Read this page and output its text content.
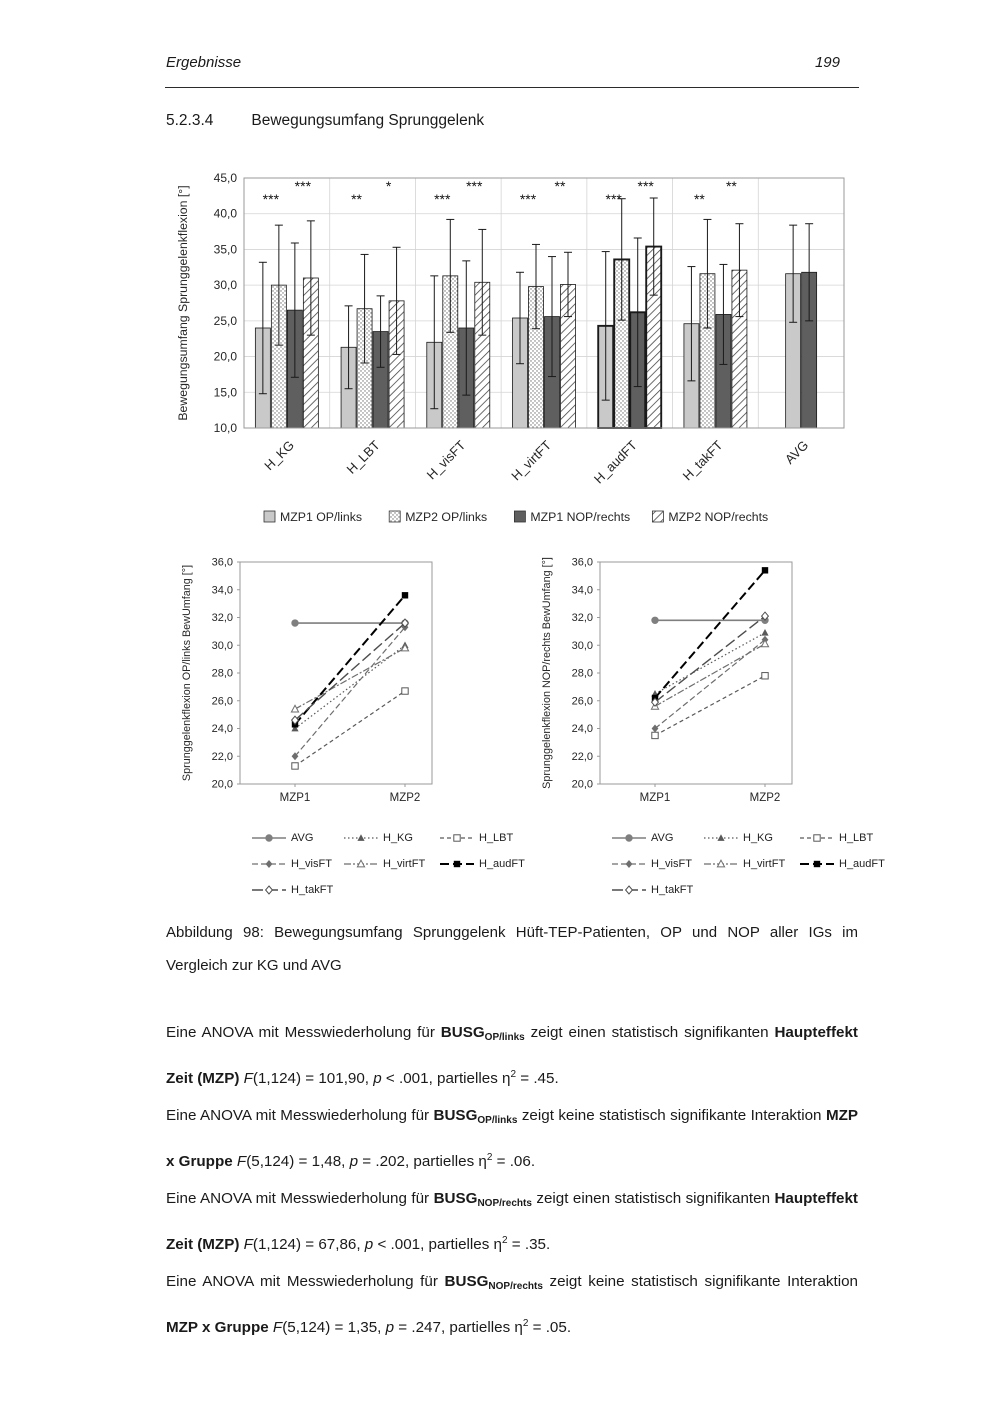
Ergebnisse	199
5.2.3.4 Bewegungsumfang Sprunggelenk
Bewegungsumfang Sprunggelenkflexion [°]
10,0
15,0
20,0
25,0
30,0
35,0
40,0
45,0
***
***
H_KG
**
*
H_LBT
***
***
H_visFT
***
**
H_virtFT
***
***
H_audFT
**
**
H_takFT	AVG
MZP1 OP/links	MZP2 OP/links	MZP1 NOP/rechts	MZP2 NOP/rechts
Sprunggelenkflexion OP/links BewUmfang [°]
20,0
22,0
24,0
26,0
28,0
30,0
32,0
34,0
36,0
MZP1	MZP2
Sprunggelenkflexion NOP/rechts BewUmfang [°] 20,0
22,0
24,0
26,0
28,0
30,0
32,0
34,0
36,0
MZP1	MZP2
AVG	H_KG	H_LBT
H_visFT	H_virtFT	H_audFT
H_takFT
AVG	H_KG	H_LBT
H_visFT	H_virtFT	H_audFT
H_takFT

Abbildung 98: Bewegungsumfang Sprunggelenk Hüft-TEP-Patienten, OP und NOP aller IGs im Vergleich zur KG und AVG

Eine ANOVA mit Messwiederholung für BUSGOP/links zeigt einen statistisch signifikanten Haupteffekt Zeit (MZP) F(1,124) = 101,90, p < .001, partielles $\eta^2 = .45$.

Eine ANOVA mit Messwiederholung für BUSGOP/links zeigt keine statistisch signifikante Interaktion MZP x Gruppe F(5,124) = 1,48, p = .202, partielles $\eta^2 = .06$.

Eine ANOVA mit Messwiederholung für BUSGNOP/rechts zeigt einen statistisch signifikanten Haupteffekt Zeit (MZP) F(1,124) = 67,86, p < .001, partielles $\eta^2 = .35$.

Eine ANOVA mit Messwiederholung für BUSGNOP/rechts zeigt keine statistisch signifikante Interaktion MZP x Gruppe F(5,124) = 1,35, p = .247, partielles $\eta^2 = .05$.
